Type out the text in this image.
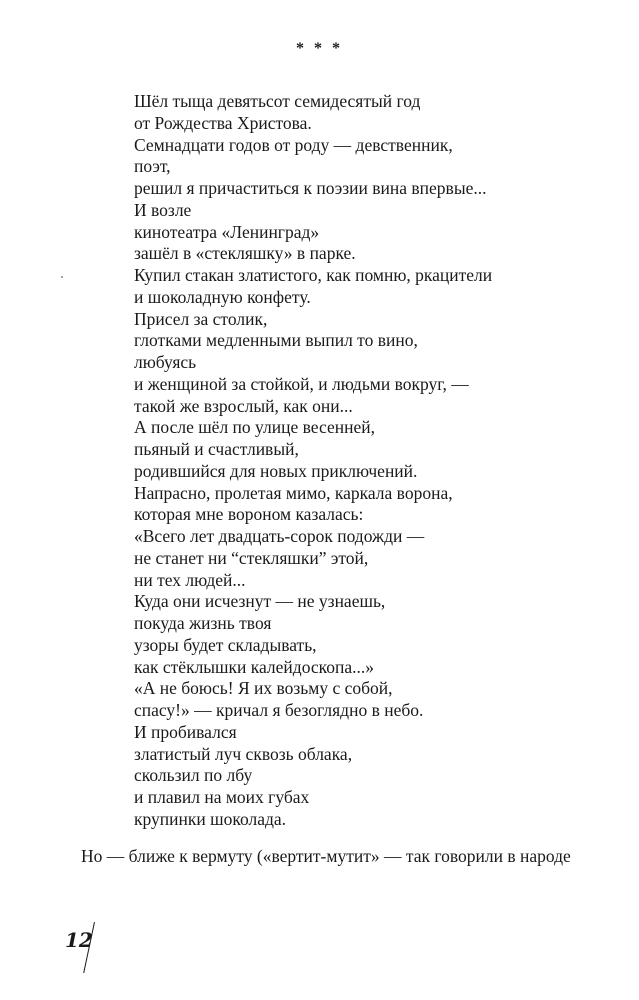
* * *
Шёл тыща девятьсот семидесятый год
от Рождества Христова.
Семнадцати годов от роду — девственник,
поэт,
решил я причаститься к поэзии вина впервые...
И возле
кинотеатра «Ленинград»
зашёл в «стекляшку» в парке.
Купил стакан златистого, как помню, ркацители
и шоколадную конфету.
Присел за столик,
глотками медленными выпил то вино,
любуясь
и женщиной за стойкой, и людьми вокруг, —
такой же взрослый, как они...
А после шёл по улице весенней,
пьяный и счастливый,
родившийся для новых приключений.
Напрасно, пролетая мимо, каркала ворона,
которая мне вороном казалась:
«Всего лет двадцать-сорок подожди —
не станет ни “стекляшки” этой,
ни тех людей...
Куда они исчезнут — не узнаешь,
покуда жизнь твоя
узоры будет складывать,
как стёклышки калейдоскопа...»
«А не боюсь! Я их возьму с собой,
спасу!» — кричал я безоглядно в небо.
И пробивался
златистый луч сквозь облака,
скользил по лбу
и плавил на моих губах
крупинки шоколада.
Но — ближе к вермуту («вертит-мутит» — так говорили в народе
12
